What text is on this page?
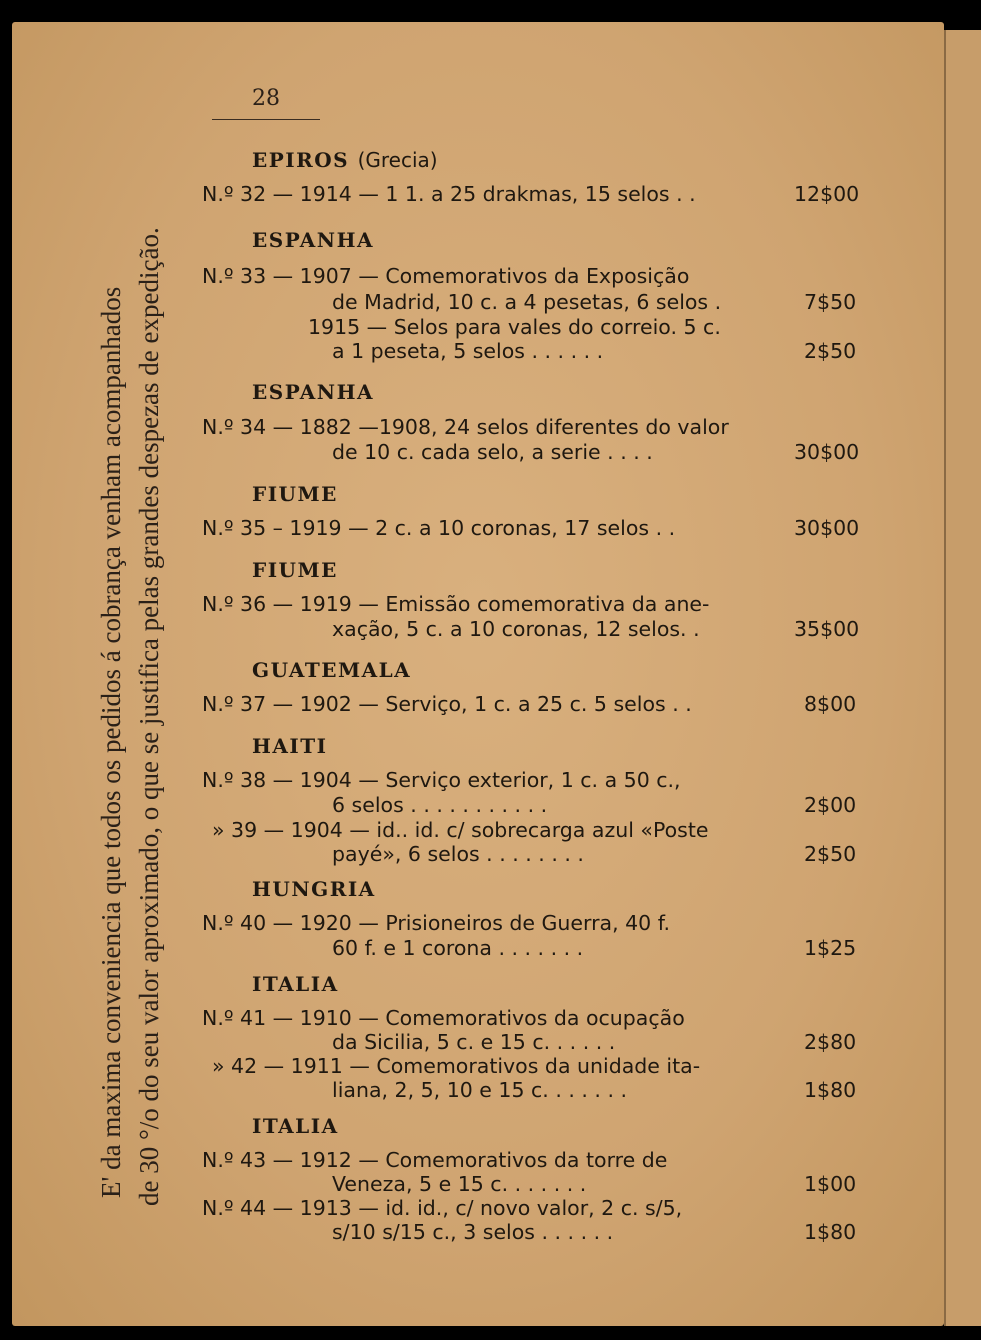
28
E' da maxima conveniencia que todos os pedidos á cobrança venham acompanhados de 30 °/o do seu valor aproximado, o que se justifica pelas grandes despezas de expedição.
EPIROS (Grecia)
N.º 32 — 1914 — 1 1. a 25 drakmas, 15 selos . .	12$00
ESPANHA
N.º 33 — 1907 — Comemorativos da Exposição
de Madrid, 10 c. a 4 pesetas, 6 selos .	7$50
1915 — Selos para vales do correio. 5 c.
a 1 peseta, 5 selos . . . . . .	2$50
ESPANHA
N.º 34 — 1882 —1908, 24 selos diferentes do valor
de 10 c. cada selo, a serie . . . .	30$00
FIUME
N.º 35 – 1919 — 2 c. a 10 coronas, 17 selos . .	30$00
FIUME
N.º 36 — 1919 — Emissão comemorativa da ane-
xação, 5 c. a 10 coronas, 12 selos. .	35$00
GUATEMALA
N.º 37 — 1902 — Serviço, 1 c. a 25 c. 5 selos . .	8$00
HAITI
N.º 38 — 1904 — Serviço exterior, 1 c. a 50 c.,
6 selos . . . . . . . . . . .	2$00
» 39 — 1904 — id.. id. c/ sobrecarga azul «Poste
payé», 6 selos . . . . . . . .	2$50
HUNGRIA
N.º 40 — 1920 — Prisioneiros de Guerra, 40 f.
60 f. e 1 corona . . . . . . .	1$25
ITALIA
N.º 41 — 1910 — Comemorativos da ocupação
da Sicilia, 5 c. e 15 c. . . . . .	2$80
» 42 — 1911 — Comemorativos da unidade ita-
liana, 2, 5, 10 e 15 c. . . . . . .	1$80
ITALIA
N.º 43 — 1912 — Comemorativos da torre de
Veneza, 5 e 15 c. . . . . . .	1$00
N.º 44 — 1913 — id. id., c/ novo valor, 2 c. s/5,
s/10 s/15 c., 3 selos . . . . . .	1$80
